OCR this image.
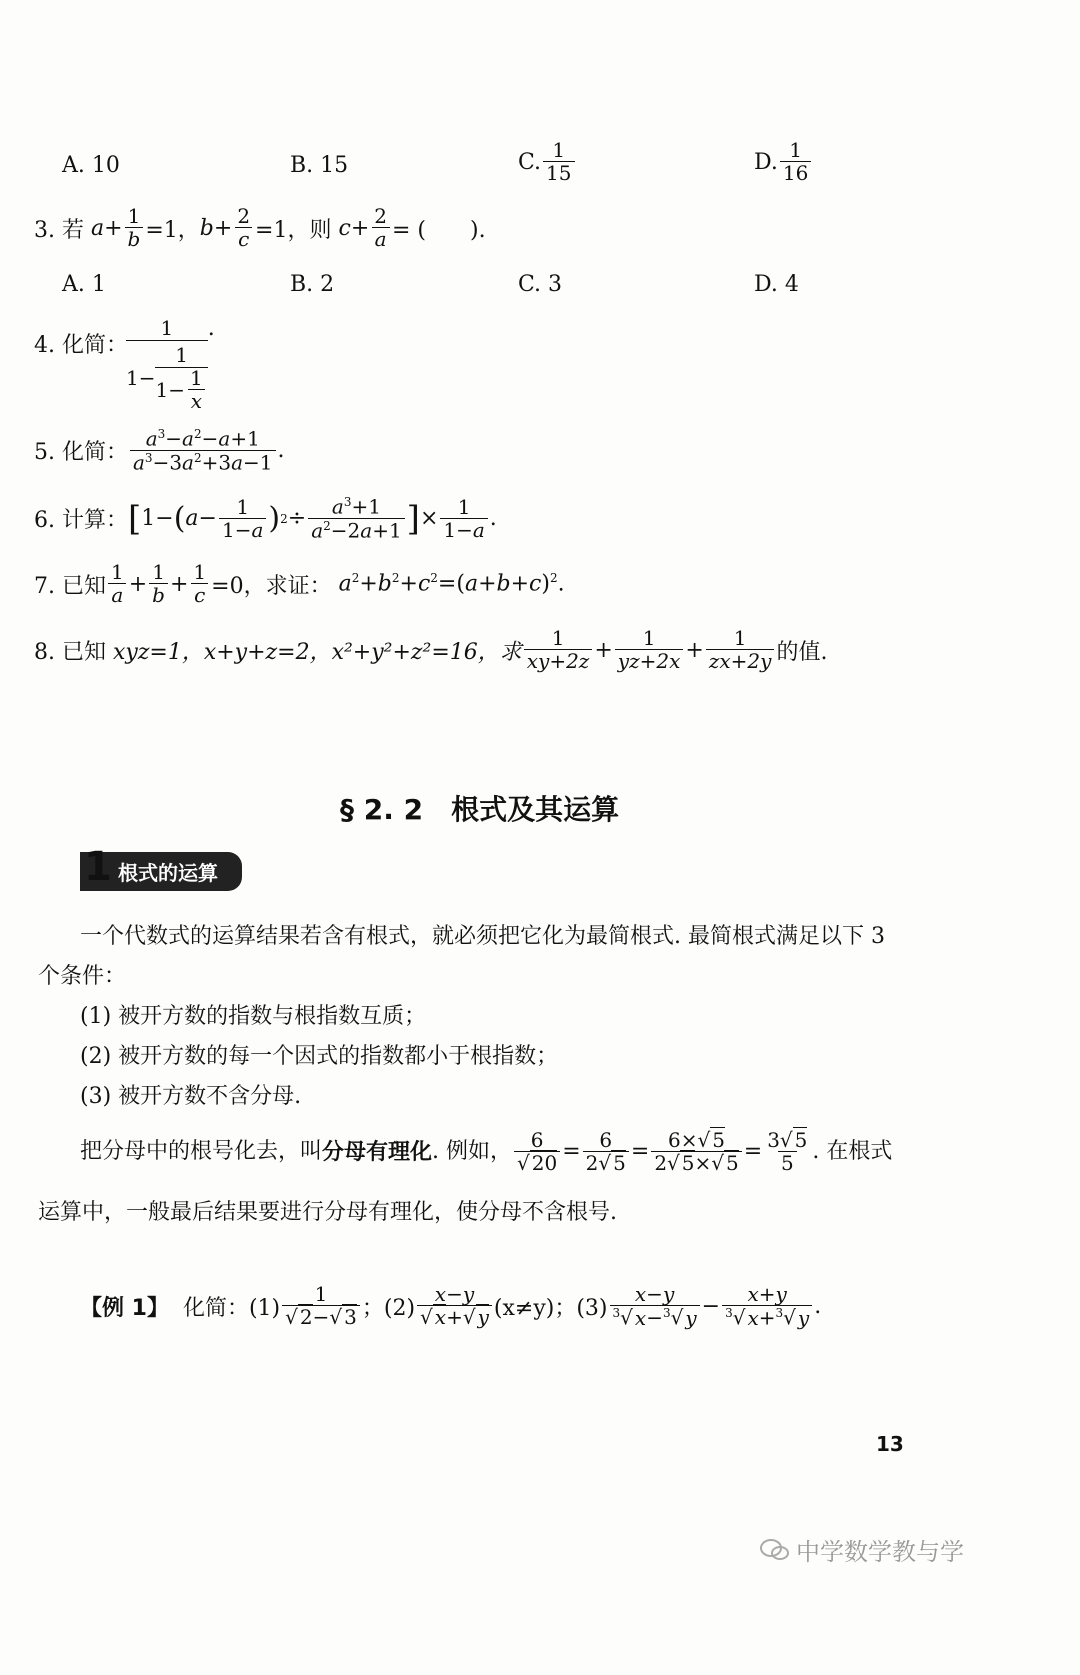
A. 10	B. 15	C. $\frac{1}{15}$	D. $\frac{1}{16}$
3. 若 $a + \frac{1}{b} =1$， $b + \frac{2}{c} =1$，则 $c + \frac{2}{a}$ = (　　).
A. 1	B. 2	C. 3	D. 4
4. 化简：
1
1−
1
$1- \frac{1}{x}$ .
5. 化简： $\frac{a^3-a^2-a+1}{a^3-3a^2+3a-1}$ .
6. 计算： [ 1− ( $a - \frac{1}{1-a}$ ) $2 \div \frac{a^3+1}{a^2-2a+1}$ ] × $\frac{1}{1-a}$ .
7. 已知 $\frac{1}{a} + \frac{1}{b} + \frac{1}{c} =0$，求证： $a^2+b^2+c^2=(a+b+c)^2$.
8. 已知
xyz=1，x+y+z=2，x²+y²+z²=16，求 $\frac{1}{xy+2z} + \frac{1}{yz+2x} + \frac{1}{zx+2y}$ 的值.
§ 2. 2　根式及其运算
1 根式的运算
一个代数式的运算结果若含有根式，就必须把它化为最简根式. 最简根式满足以下 3
个条件：
(1) 被开方数的指数与根指数互质；
(2) 被开方数的每一个因式的指数都小于根指数；
(3) 被开方数不含分母.
把分母中的根号化去，叫 分母有理化 . 例如， $\frac{6}{√ 20} = \frac{6}{2√ 5} = \frac{6\times√ 5}{2√ 5\times√ 5} = \frac{3√ 5}{5}$ . 在根式
运算中，一般最后结果要进行分母有理化，使分母不含根号.
【例 1】
化简：$(1) \frac{1}{√ 2-√ 3}$ ；$(2) \frac{x-y}{√ x+√ y} (x\ne y)$；$(3) \frac{x-y}{^3√ x-^3√ y} - \frac{x+y}{^3√ x+^3√ y}$ .
13
中学数学教与学
